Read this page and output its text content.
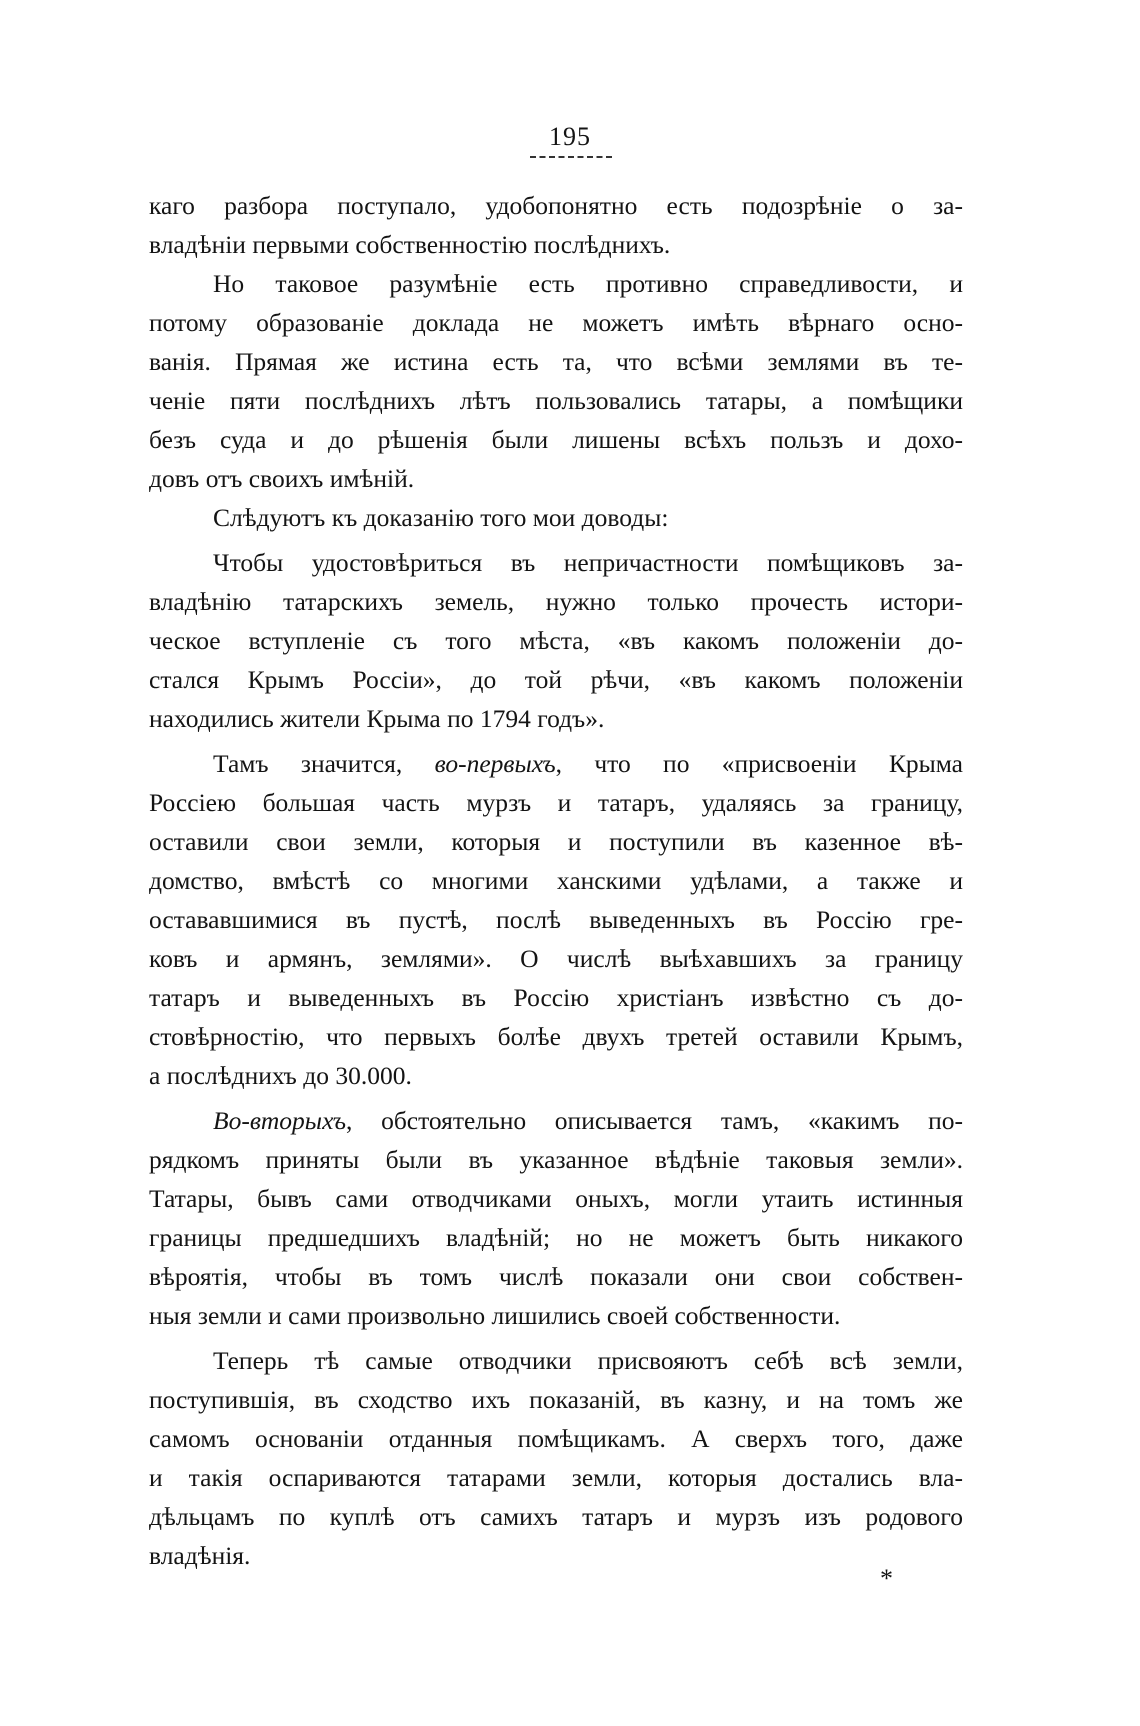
195
каго разбора поступало, удобопонятно есть подозрѣніе о за-
владѣніи первыми собственностію послѣднихъ.
Но таковое разумѣніе есть противно справедливости, и
потому образованіе доклада не можетъ имѣть вѣрнаго осно-
ванія. Прямая же истина есть та, что всѣми землями въ те-
ченіе пяти послѣднихъ лѣтъ пользовались татары, а помѣщики
безъ суда и до рѣшенія были лишены всѣхъ пользъ и дохо-
довъ отъ своихъ имѣній.
Слѣдуютъ къ доказанію того мои доводы:
Чтобы удостовѣриться въ непричастности помѣщиковъ за-
владѣнію татарскихъ земель, нужно только прочесть истори-
ческое вступленіе съ того мѣста, «въ какомъ положеніи до-
стался Крымъ Россіи», до той рѣчи, «въ какомъ положеніи
находились жители Крыма по 1794 годъ».
Тамъ значится, во-первыхъ, что по «присвоеніи Крыма
Россіею большая часть мурзъ и татаръ, удаляясь за границу,
оставили свои земли, которыя и поступили въ казенное вѣ-
домство, вмѣстѣ со многими ханскими удѣлами, а также и
остававшимися въ пустѣ, послѣ выведенныхъ въ Россію гре-
ковъ и армянъ, землями». О числѣ выѣхавшихъ за границу
татаръ и выведенныхъ въ Россію христіанъ извѣстно съ до-
стовѣрностію, что первыхъ болѣе двухъ третей оставили Крымъ,
а послѣднихъ до 30.000.
Во-вторыхъ, обстоятельно описывается тамъ, «какимъ по-
рядкомъ приняты были въ указанное вѣдѣніе таковыя земли».
Татары, бывъ сами отводчиками оныхъ, могли утаить истинныя
границы предшедшихъ владѣній; но не можетъ быть никакого
вѣроятія, чтобы въ томъ числѣ показали они свои собствен-
ныя земли и сами произвольно лишились своей собственности.
Теперь тѣ самые отводчики присвояютъ себѣ всѣ земли,
поступившія, въ сходство ихъ показаній, въ казну, и на томъ же
самомъ основаніи отданныя помѣщикамъ. А сверхъ того, даже
и такія оспариваются татарами земли, которыя достались вла-
дѣльцамъ по куплѣ отъ самихъ татаръ и мурзъ изъ родового
владѣнія.
*
